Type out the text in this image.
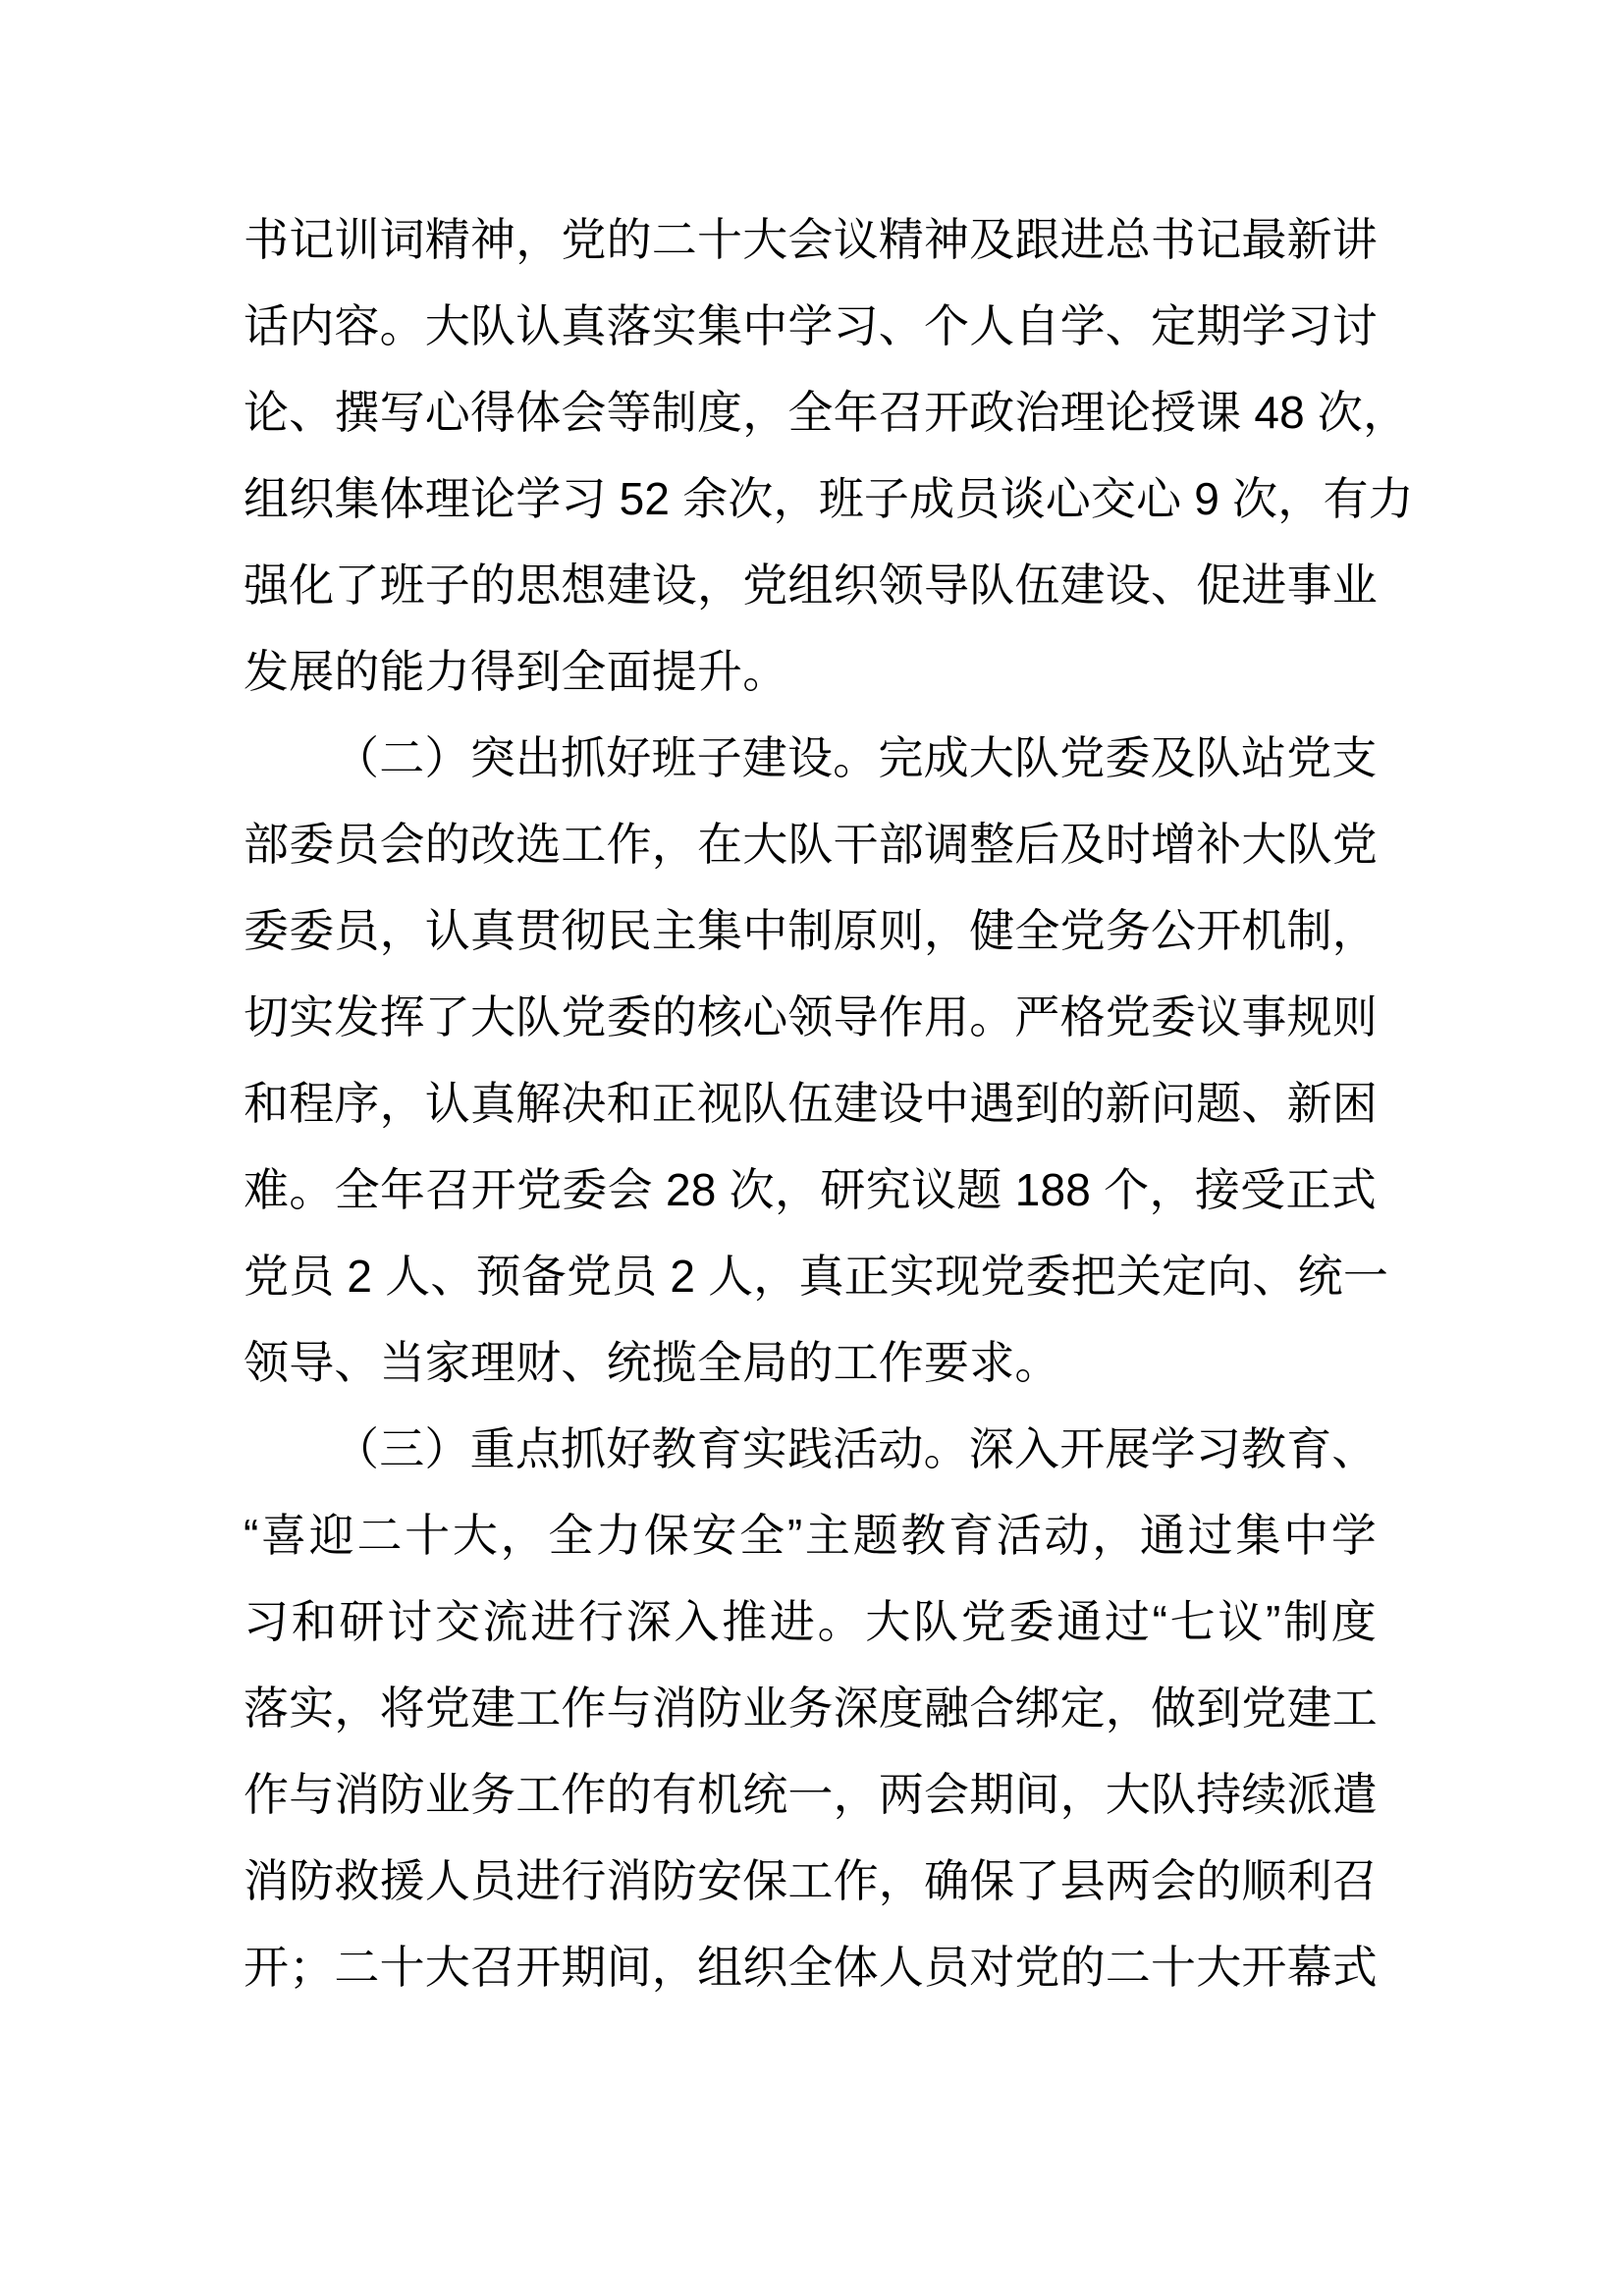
书记训词精神，党的二十大会议精神及跟进总书记最新讲
话内容。大队认真落实集中学习、个人自学、定期学习讨
论、撰写心得体会等制度，全年召开政治理论授课 48 次，
组织集体理论学习 52 余次，班子成员谈心交心 9 次，有力
强化了班子的思想建设，党组织领导队伍建设、促进事业
发展的能力得到全面提升。
（二）突出抓好班子建设。完成大队党委及队站党支
部委员会的改选工作，在大队干部调整后及时增补大队党
委委员，认真贯彻民主集中制原则，健全党务公开机制，
切实发挥了大队党委的核心领导作用。严格党委议事规则
和程序，认真解决和正视队伍建设中遇到的新问题、新困
难。全年召开党委会 28 次，研究议题 188 个，接受正式
党员 2 人、预备党员 2 人，真正实现党委把关定向、统一
领导、当家理财、统揽全局的工作要求。
（三）重点抓好教育实践活动。深入开展学习教育、
“喜迎二十大，全力保安全”主题教育活动，通过集中学
习和研讨交流进行深入推进。大队党委通过“七议”制度
落实，将党建工作与消防业务深度融合绑定，做到党建工
作与消防业务工作的有机统一，两会期间，大队持续派遣
消防救援人员进行消防安保工作，确保了县两会的顺利召
开；二十大召开期间，组织全体人员对党的二十大开幕式
